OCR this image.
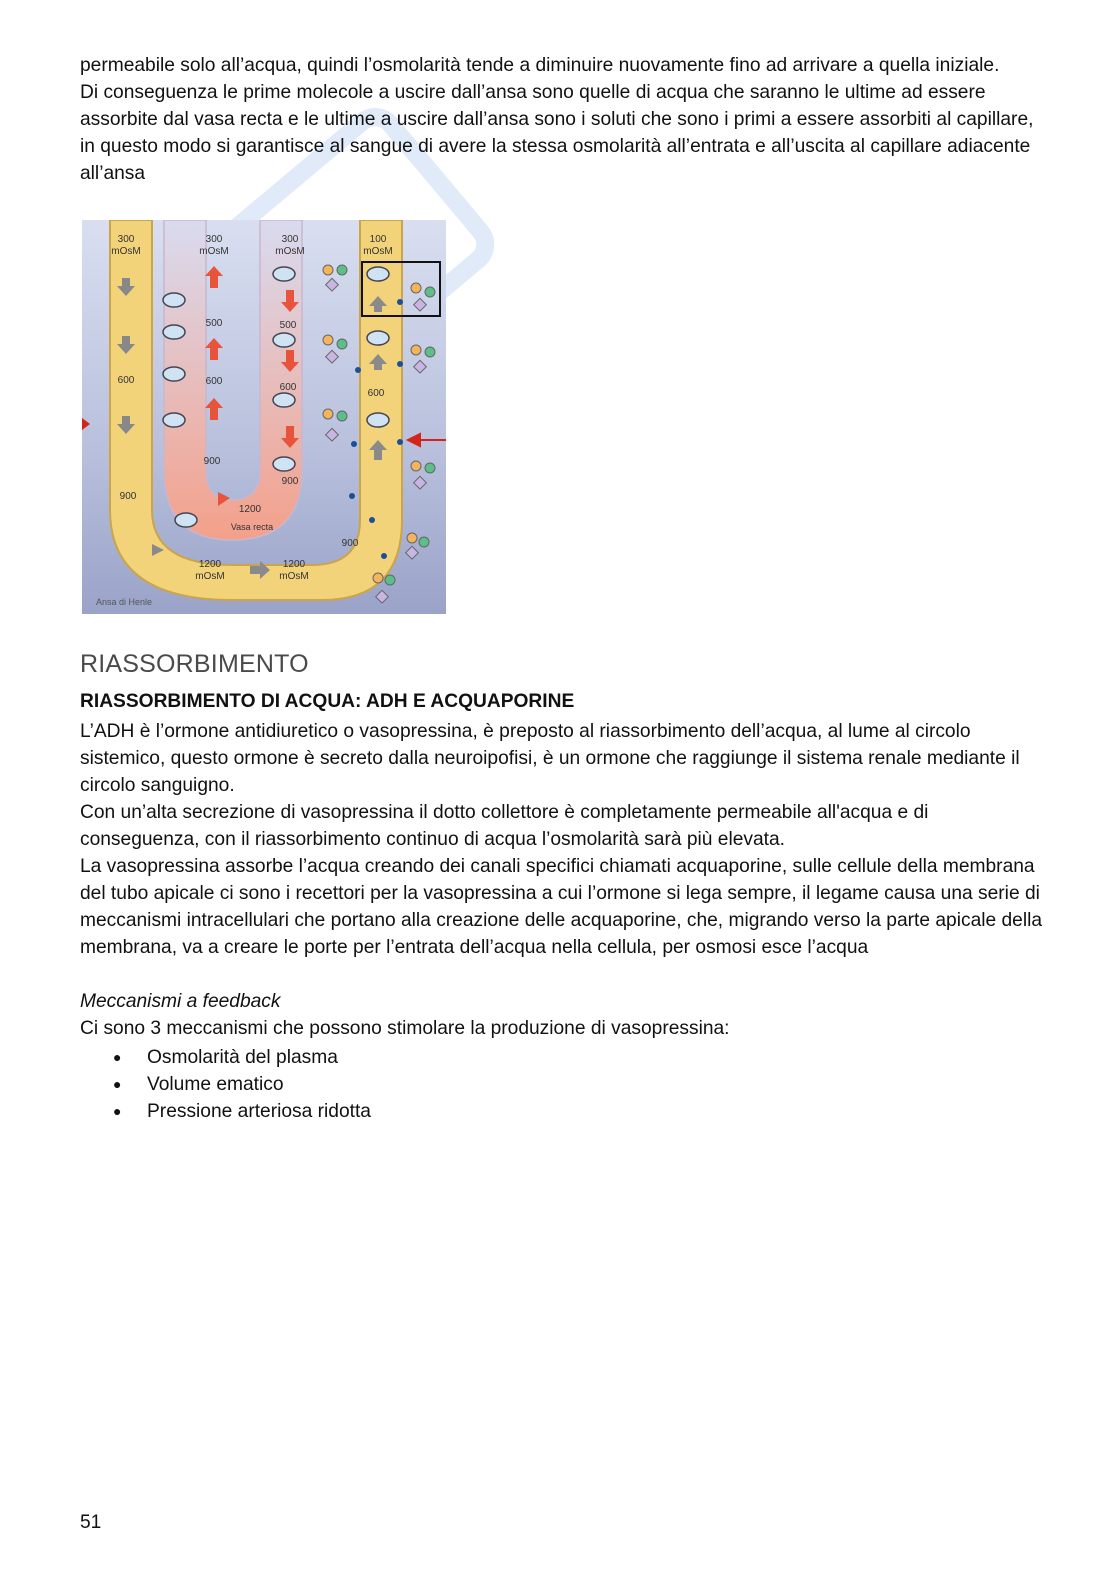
permeabile solo all’acqua, quindi l’osmolarità tende a diminuire nuovamente fino ad arrivare a quella iniziale.
Di conseguenza le prime molecole a uscire dall’ansa sono quelle di acqua che saranno le ultime ad essere assorbite dal vasa recta e le ultime a uscire dall’ansa sono i soluti che sono i primi a essere assorbiti al capillare, in questo modo si garantisce al sangue di avere la stessa osmolarità all’entrata e all’uscita al capillare adiacente all’ansa

300 mOsM
300 mOsM
300 mOsM
100 mOsM
500	500
600	600
600
600
900
900
900
900
1200
Vasa recta
1200 mOsM
1200 mOsM
Ansa di Henle
RIASSORBIMENTO
RIASSORBIMENTO DI ACQUA: ADH E ACQUAPORINE

L’ADH è l’ormone antidiuretico o vasopressina, è preposto al riassorbimento dell’acqua, al lume al circolo sistemico, questo ormone è secreto dalla neuroipofisi, è un ormone che raggiunge il sistema renale mediante il circolo sanguigno.
Con un’alta secrezione di vasopressina il dotto collettore è completamente permeabile all'acqua e di conseguenza, con il riassorbimento continuo di acqua l’osmolarità sarà più elevata.
La vasopressina assorbe l’acqua creando dei canali specifici chiamati acquaporine, sulle cellule della membrana del tubo apicale ci sono i recettori per la vasopressina a cui l’ormone si lega sempre, il legame causa una serie di meccanismi intracellulari che portano alla creazione delle acquaporine, che, migrando verso la parte apicale della membrana, va a creare le porte per l’entrata dell’acqua nella cellula, per osmosi esce l’acqua

Meccanismi a feedback

Ci sono 3 meccanismi che possono stimolare la produzione di vasopressina:

● Osmolarità del plasma
● Volume ematico
● Pressione arteriosa ridotta
51
